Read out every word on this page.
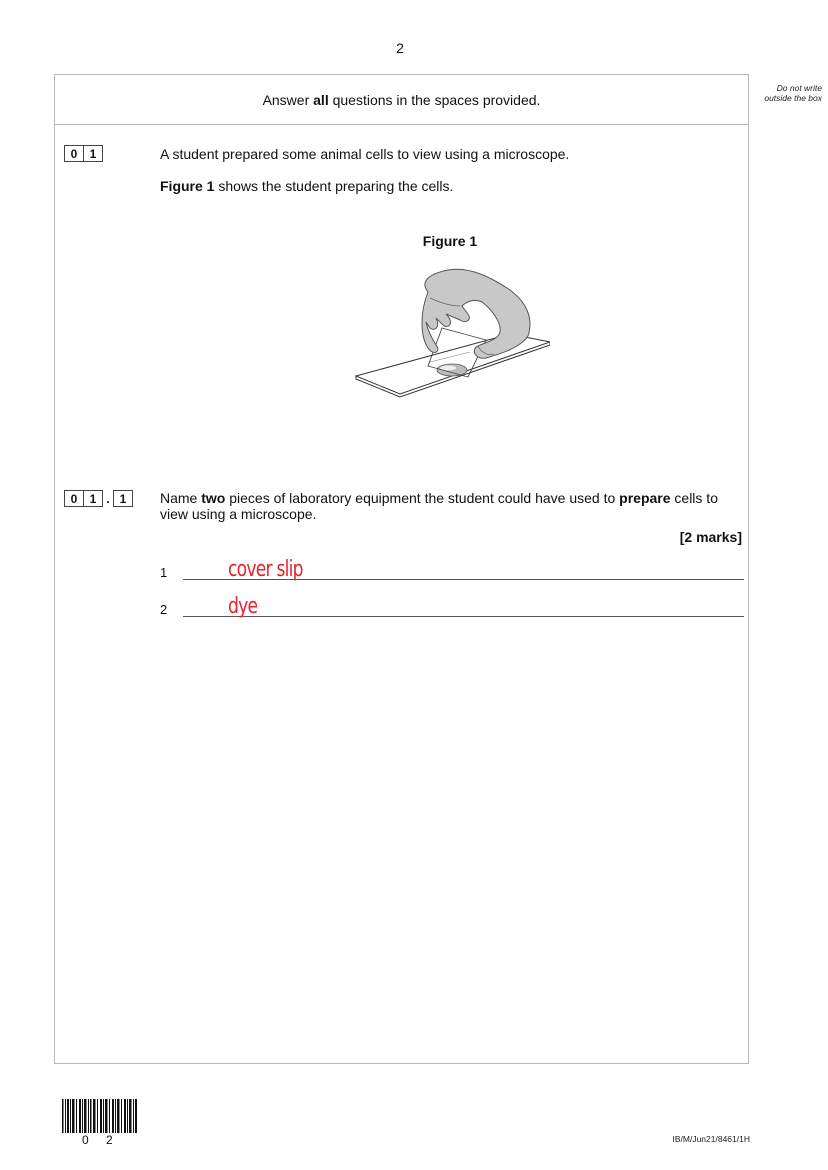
2
Answer all questions in the spaces provided.
Do not write outside the box
0	1	A student prepared some animal cells to view using a microscope.
Figure 1 shows the student preparing the cells.
Figure 1
0	1 . 1	Name two pieces of laboratory equipment the student could have used to prepare cells to view using a microscope.
[2 marks]
1	cover slip
2	dye
0 2	IB/M/Jun21/8461/1H
